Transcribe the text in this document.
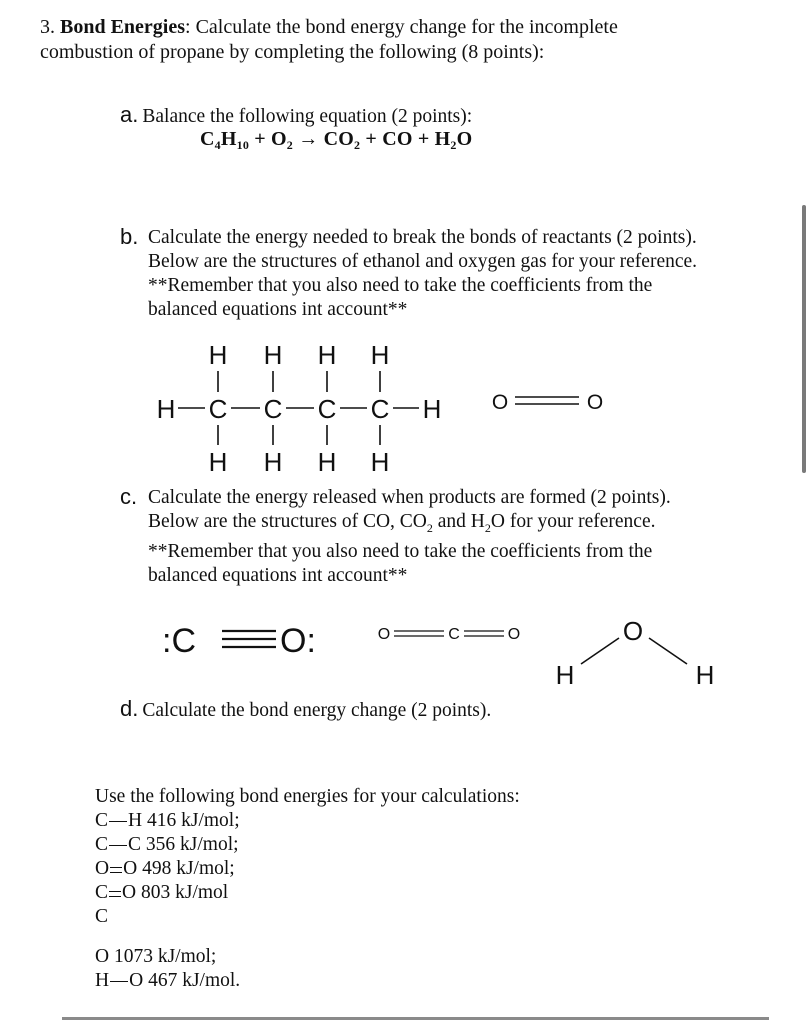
3. Bond Energies: Calculate the bond energy change for the incomplete
combustion of propane by completing the following (8 points):
a. Balance the following equation (2 points):
$C_4H_{10} + O_2 \to CO_2$ + CO + $H_2O$
b. Calculate the energy needed to break the bonds of reactants (2 points).
Below are the structures of ethanol and oxygen gas for your reference.
**Remember that you also need to take the coefficients from the
balanced equations int account**
H H H H
H C C C C H
H H H H
O	O
c. Calculate the energy released when products are formed (2 points).
Below are the structures of CO, $CO_2$ and $H_2O$ for your reference.
**Remember that you also need to take the coefficients from the
balanced equations int account**
:C O:	O	C	O	O
H	H
d. Calculate the bond energy change (2 points).
Use the following bond energies for your calculations:
C H 416 kJ/mol;
C C 356 kJ/mol;
O O 498 kJ/mol;
C O 803 kJ/mol
C
O 1073 kJ/mol;
H O 467 kJ/mol.
